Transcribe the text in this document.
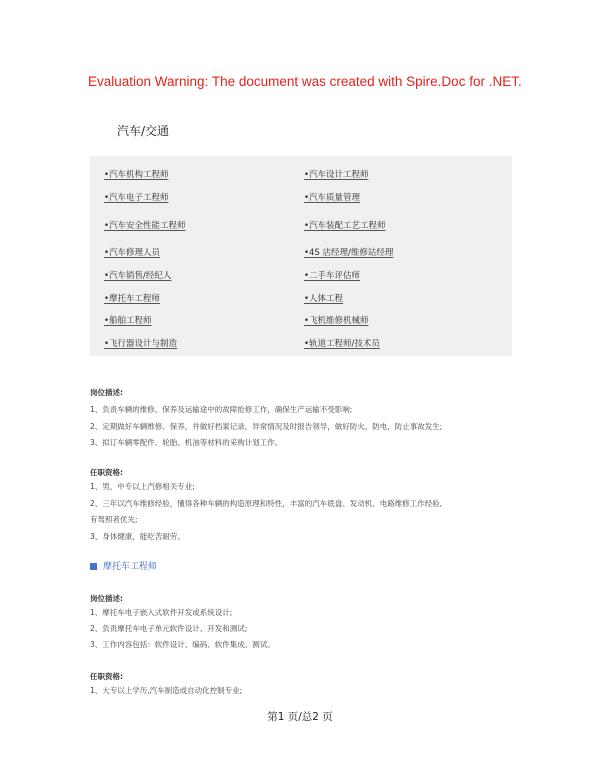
Evaluation Warning: The document was created with Spire.Doc for .NET.
汽车/交通
•汽车机构工程师	•汽车设计工程师
•汽车电子工程师	•汽车质量管理
•汽车安全性能工程师	•汽车装配工艺工程师
•汽车修理人员	•4S 店经理/维修站经理
•汽车销售/经纪人	•二手车评估师
•摩托车工程师	•人体工程
•船舶工程师	•飞机维修机械师
•飞行器设计与制造	•轨道工程师/技术员
岗位描述:
1、负责车辆的维修、保养及运输途中的故障抢修工作，确保生产运输不受影响;
2、定期做好车辆维修、保养，并做好档案记录，异常情况及时报告领导，做好防火、防电，防止事故发生;
3、拟订车辆零配件、轮胎、机油等材料的采购计划工作。
任职资格:
1、男，中专以上汽修相关专业;
2、三年以汽车维修经验，懂得各种车辆的构造原理和特性，丰富的汽车底盘、发动机、电路维修工作经验,
有驾照者优先;
3、身体健康，能吃苦耐劳。
摩托车工程师
岗位描述:
1、摩托车电子嵌入式软件开发或系统设计;
2、负责摩托车电子单元软件设计、开发和测试;
3、工作内容包括：软件设计、编码、软件集成、测试。
任职资格:
1、大专以上学历,汽车制造或自动化控制专业;
第1 页/总2 页
